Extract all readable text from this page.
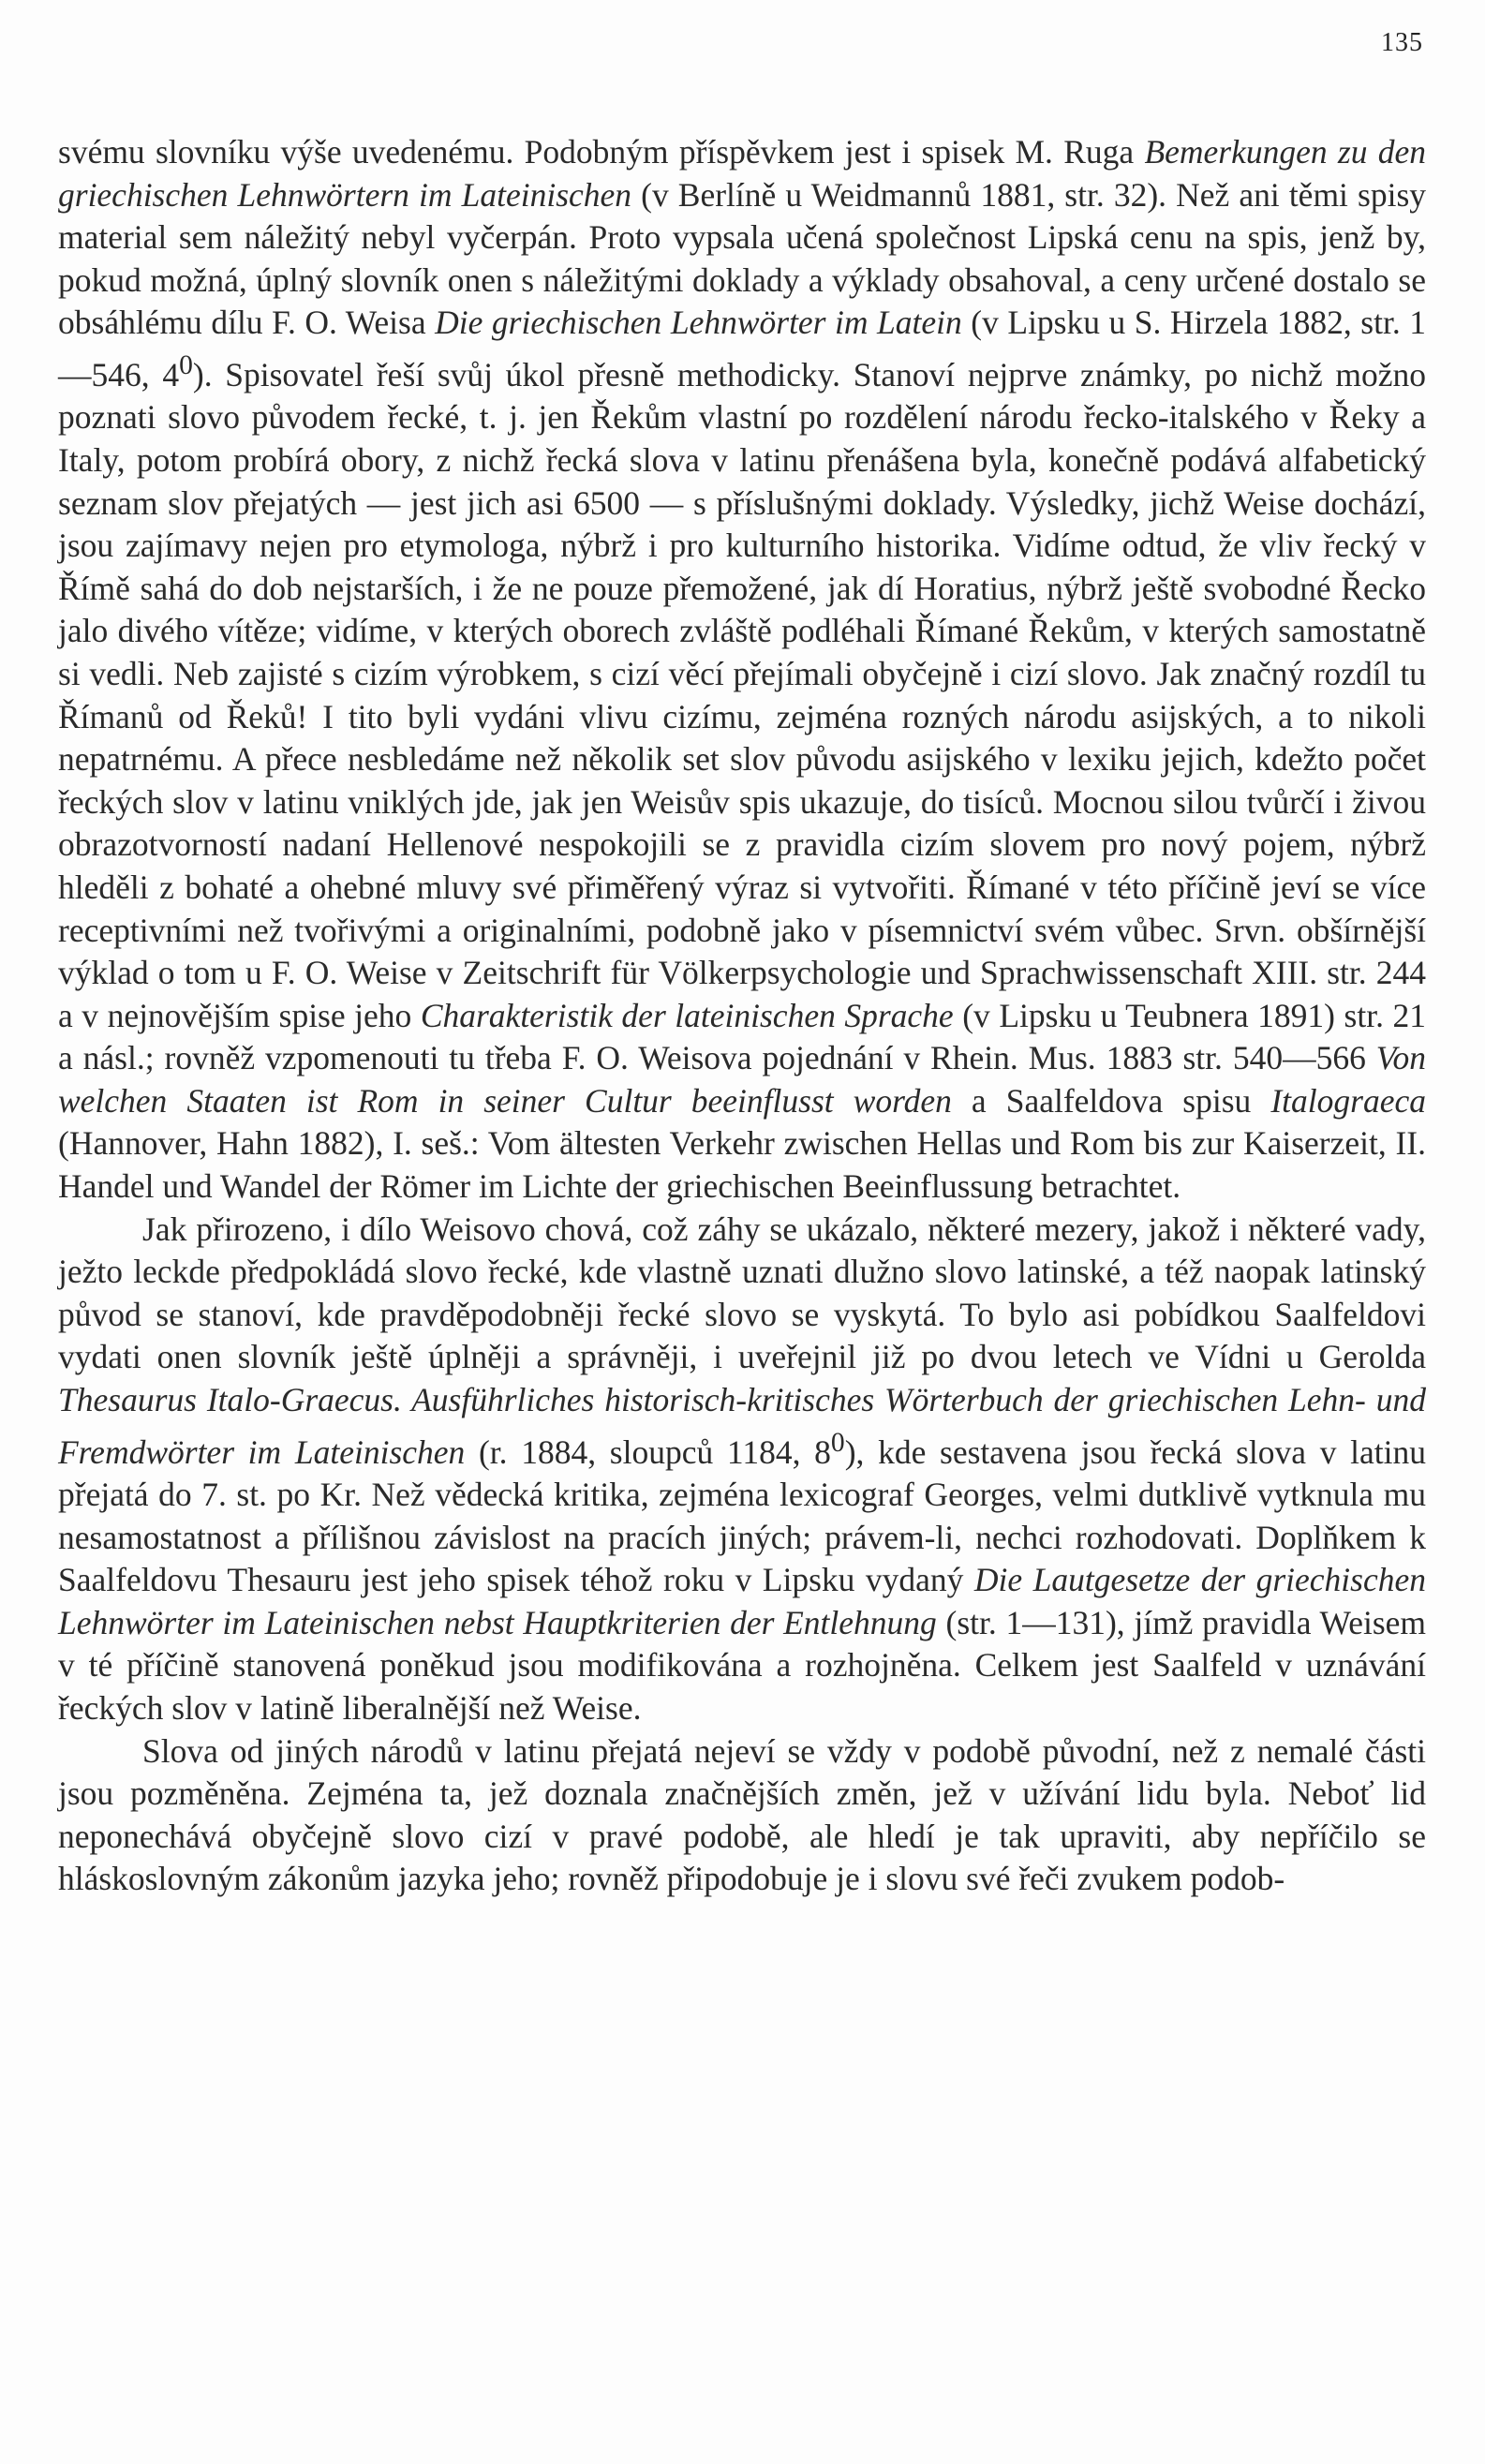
135

svému slovníku výše uvedenému. Podobným příspěvkem jest i spisek M. Ruga Bemerkungen zu den griechischen Lehnwörtern im Lateinischen (v Berlíně u Weidmannů 1881, str. 32). Než ani těmi spisy material sem náležitý nebyl vyčerpán. Proto vypsala učená společnost Lipská cenu na spis, jenž by, pokud možná, úplný slovník onen s náležitými doklady a výklady obsahoval, a ceny určené dostalo se obsáhlému dílu F. O. Weisa Die griechischen Lehnwörter im Latein (v Lipsku u S. Hirzela 1882, str. 1—546, $4^0$). Spisovatel řeší svůj úkol přesně methodicky. Stanoví nejprve známky, po nichž možno poznati slovo původem řecké, t. j. jen Řekům vlastní po rozdělení národu řecko-italského v Řeky a Italy, potom probírá obory, z nichž řecká slova v latinu přenášena byla, konečně podává alfabetický seznam slov přejatých — jest jich asi 6500 — s příslušnými doklady. Výsledky, jichž Weise dochází, jsou zajímavy nejen pro etymologa, nýbrž i pro kulturního historika. Vidíme odtud, že vliv řecký v Římě sahá do dob nejstarších, i že ne pouze přemožené, jak dí Horatius, nýbrž ještě svobodné Řecko jalo divého vítěze; vidíme, v kterých oborech zvláště podléhali Římané Řekům, v kterých samostatně si vedli. Neb zajisté s cizím výrobkem, s cizí věcí přejímali obyčejně i cizí slovo. Jak značný rozdíl tu Římanů od Řeků! I tito byli vydáni vlivu cizímu, zejména rozných národu asijských, a to nikoli nepatrnému. A přece nesbledáme než několik set slov původu asijského v lexiku jejich, kdežto počet řeckých slov v latinu vniklých jde, jak jen Weisův spis ukazuje, do tisíců. Mocnou silou tvůrčí i živou obrazotvorností nadaní Hellenové nespokojili se z pravidla cizím slovem pro nový pojem, nýbrž hleděli z bohaté a ohebné mluvy své přiměřený výraz si vytvořiti. Římané v této příčině jeví se více receptivními než tvořivými a originalními, podobně jako v písemnictví svém vůbec. Srvn. obšírnější výklad o tom u F. O. Weise v Zeitschrift für Völkerpsychologie und Sprachwissenschaft XIII. str. 244 a v nejnovějším spise jeho Charakteristik der lateinischen Sprache (v Lipsku u Teubnera 1891) str. 21 a násl.; rovněž vzpomenouti tu třeba F. O. Weisova pojednání v Rhein. Mus. 1883 str. 540—566 Von welchen Staaten ist Rom in seiner Cultur beeinflusst worden a Saalfeldova spisu Italograeca (Hannover, Hahn 1882), I. seš.: Vom ältesten Verkehr zwischen Hellas und Rom bis zur Kaiserzeit, II. Handel und Wandel der Römer im Lichte der griechischen Beeinflussung betrachtet.

Jak přirozeno, i dílo Weisovo chová, což záhy se ukázalo, některé mezery, jakož i některé vady, ježto leckde předpokládá slovo řecké, kde vlastně uznati dlužno slovo latinské, a též naopak latinský původ se stanoví, kde pravděpodobněji řecké slovo se vyskytá. To bylo asi pobídkou Saalfeldovi vydati onen slovník ještě úplněji a správněji, i uveřejnil již po dvou letech ve Vídni u Gerolda Thesaurus Italo-Graecus. Ausführliches historisch-kritisches Wörterbuch der griechischen Lehn- und Fremdwörter im Lateinischen (r. 1884, sloupců 1184, $8^0$), kde sestavena jsou řecká slova v latinu přejatá do 7. st. po Kr. Než vědecká kritika, zejména lexicograf Georges, velmi dutklivě vytknula mu nesamostatnost a přílišnou závislost na pracích jiných; právem-li, nechci rozhodovati. Doplňkem k Saalfeldovu Thesauru jest jeho spisek téhož roku v Lipsku vydaný Die Lautgesetze der griechischen Lehnwörter im Lateinischen nebst Hauptkriterien der Entlehnung (str. 1—131), jímž pravidla Weisem v té příčině stanovená poněkud jsou modifikována a rozhojněna. Celkem jest Saalfeld v uznávání řeckých slov v latině liberalnější než Weise.

Slova od jiných národů v latinu přejatá nejeví se vždy v podobě původní, než z nemalé části jsou pozměněna. Zejména ta, jež doznala značnějších změn, jež v užívání lidu byla. Neboť lid neponechává obyčejně slovo cizí v pravé podobě, ale hledí je tak upraviti, aby nepříčilo se hláskoslovným zákonům jazyka jeho; rovněž připodobuje je i slovu své řeči zvukem podob-
